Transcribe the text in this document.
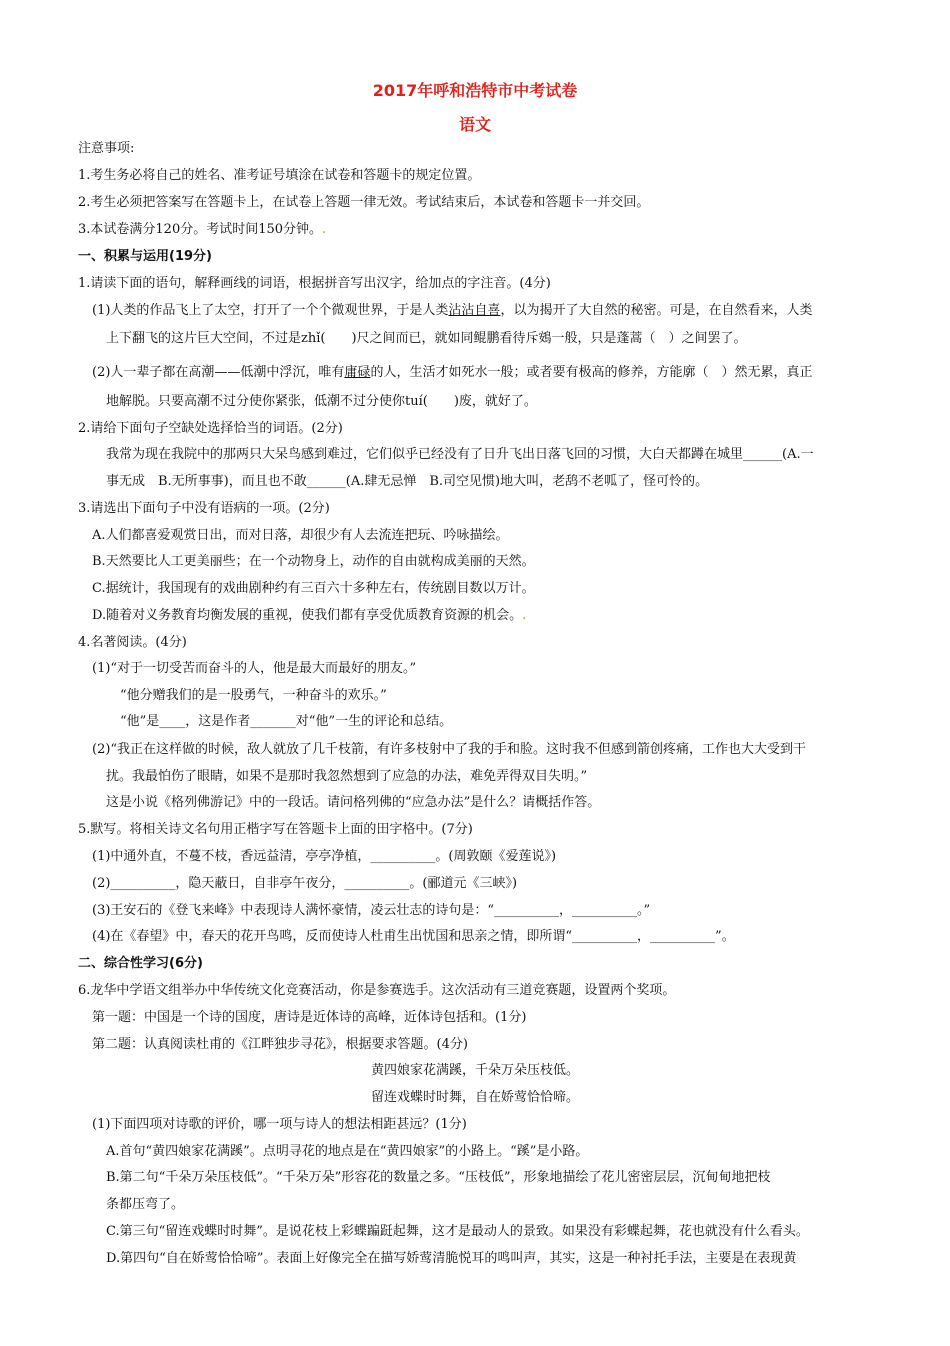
2017年呼和浩特市中考试卷
语文
注意事项:
1.考生务必将自己的姓名、准考证号填涂在试卷和答题卡的规定位置。
2.考生必须把答案写在答题卡上，在试卷上答题一律无效。考试结束后，本试卷和答题卡一并交回。
3.本试卷满分120分。考试时间150分钟。.
一、积累与运用(19分)
1.请读下面的语句，解释画线的词语，根据拼音写出汉字，给加点的字注音。(4分)
(1)人类的作品飞上了太空，打开了一个个微观世界，于是人类沾沾自喜，以为揭开了大自然的秘密。可是，在自然看来，人类
上下翻飞的这片巨大空间，不过是zhǐ(　　)尺之间而已，就如同鲲鹏看待斥鴳一般，只是蓬蒿（　）之间罢了。
(2)人一辈子都在高潮——低潮中浮沉，唯有庸碌的人，生活才如死水一般；或者要有极高的修养，方能廓（　）然无累，真正
地解脱。只要高潮不过分使你紧张，低潮不过分使你tuí(　　)废，就好了。
2.请给下面句子空缺处选择恰当的词语。(2分)
我常为现在我院中的那两只大呆鸟感到难过，它们似乎已经没有了日升飞出日落飞回的习惯，大白天都蹲在城里______(A.一
事无成　B.无所事事)，而且也不敢______(A.肆无忌惮　B.司空见惯)地大叫，老鸹不老呱了，怪可怜的。
3.请选出下面句子中没有语病的一项。(2分)
A.人们都喜爱观赏日出，而对日落，却很少有人去流连把玩、吟咏描绘。
B.天然要比人工更美丽些；在一个动物身上，动作的自由就构成美丽的天然。
C.据统计，我国现有的戏曲剧种约有三百六十多种左右，传统剧目数以万计。
D.随着对义务教育均衡发展的重视，使我们都有享受优质教育资源的机会。.
4.名著阅读。(4分)
(1)“对于一切受苦而奋斗的人，他是最大而最好的朋友。”
“他分赠我们的是一股勇气，一种奋斗的欢乐。”
“他”是____，这是作者_______对“他”一生的评论和总结。
(2)“我正在这样做的时候，敌人就放了几千枝箭，有许多枝射中了我的手和脸。这时我不但感到箭创疼痛，工作也大大受到干
扰。我最怕伤了眼睛，如果不是那时我忽然想到了应急的办法，难免弄得双目失明。”
这是小说《格列佛游记》中的一段话。请问格列佛的“应急办法”是什么？请概括作答。
5.默写。将相关诗文名句用正楷字写在答题卡上面的田字格中。(7分)
(1)中通外直，不蔓不枝，香远益清，亭亭净植，__________。(周敦颐《爱莲说》)
(2)__________，隐天蔽日，自非亭午夜分，__________。(郦道元《三峡》)
(3)王安石的《登飞来峰》中表现诗人满怀豪情，凌云壮志的诗句是：“__________，__________。”
(4)在《春望》中，春天的花开鸟鸣，反而使诗人杜甫生出忧国和思亲之情，即所谓“__________，__________”。
二、综合性学习(6分)
6.龙华中学语文组举办中华传统文化竞赛活动，你是参赛选手。这次活动有三道竞赛题，设置两个奖项。
第一题：中国是一个诗的国度，唐诗是近体诗的高峰，近体诗包括和。(1分)
第二题：认真阅读杜甫的《江畔独步寻花》，根据要求答题。(4分)
黄四娘家花满蹊，千朵万朵压枝低。
留连戏蝶时时舞，自在娇莺恰恰啼。
(1)下面四项对诗歌的评价，哪一项与诗人的想法相距甚远？(1分)
A.首句“黄四娘家花满蹊”。点明寻花的地点是在“黄四娘家”的小路上。“蹊”是小路。
B.第二句“千朵万朵压枝低”。“千朵万朵”形容花的数量之多。“压枝低”，形象地描绘了花儿密密层层，沉甸甸地把枝
条都压弯了。
C.第三句“留连戏蝶时时舞”。是说花枝上彩蝶蹁跹起舞，这才是最动人的景致。如果没有彩蝶起舞，花也就没有什么看头。
D.第四句“自在娇莺恰恰啼”。表面上好像完全在描写娇莺清脆悦耳的鸣叫声，其实，这是一种衬托手法，主要是在表现黄
